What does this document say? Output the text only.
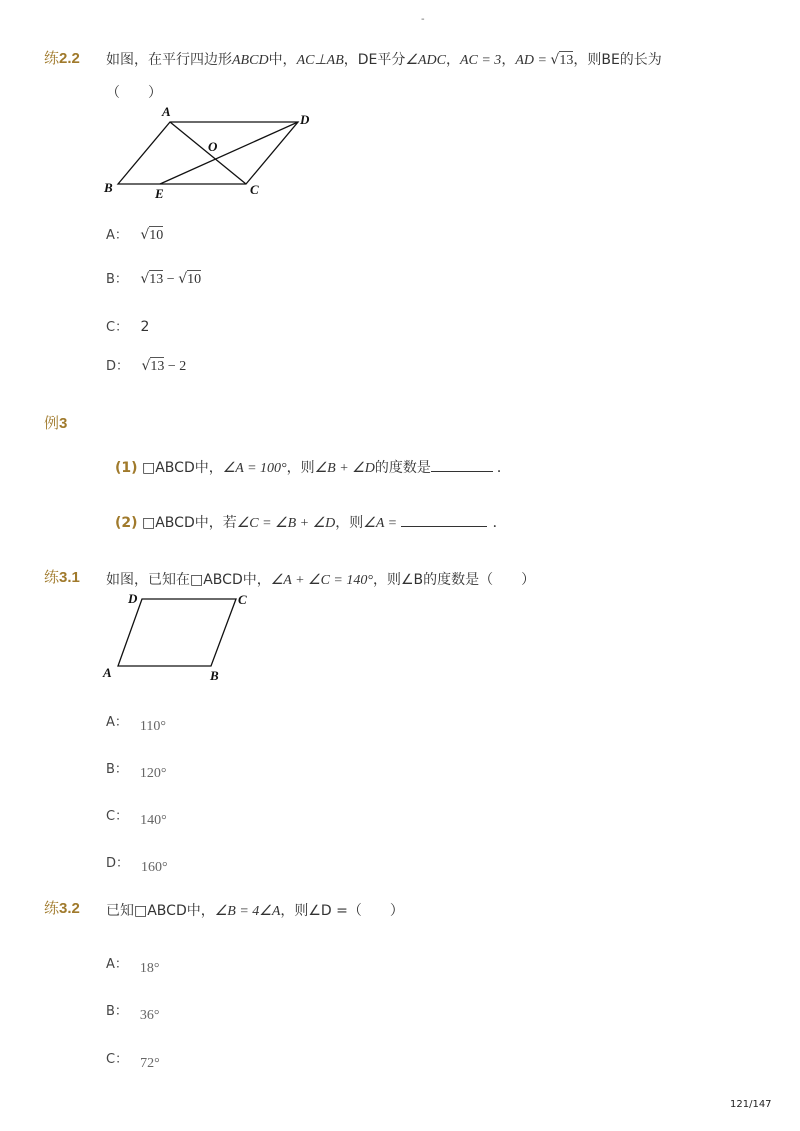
-
练2.2 如图，在平行四边形ABCD中，AC⊥AB，DE平分∠ADC，AC = 3，AD = √13，则BE的长为
（　　）
A
D
O
B	E	C
A： √10
B： √13 − √10
C： 2
D： √13 − 2
例3
(1) □ABCD中，∠A = 100°，则∠B + ∠D的度数是	．
(2) □ABCD中，若∠C = ∠B + ∠D，则∠A =	．
练3.1 如图，已知在□ABCD中，∠A + ∠C = 140°，则∠B的度数是（　　）
D	C
A	B
A： 110°
B： 120°
C： 140°
D： 160°
练3.2 已知□ABCD中，∠B = 4∠A，则∠D =（　　）
A： 18°
B： 36°
C： 72°
121/147
